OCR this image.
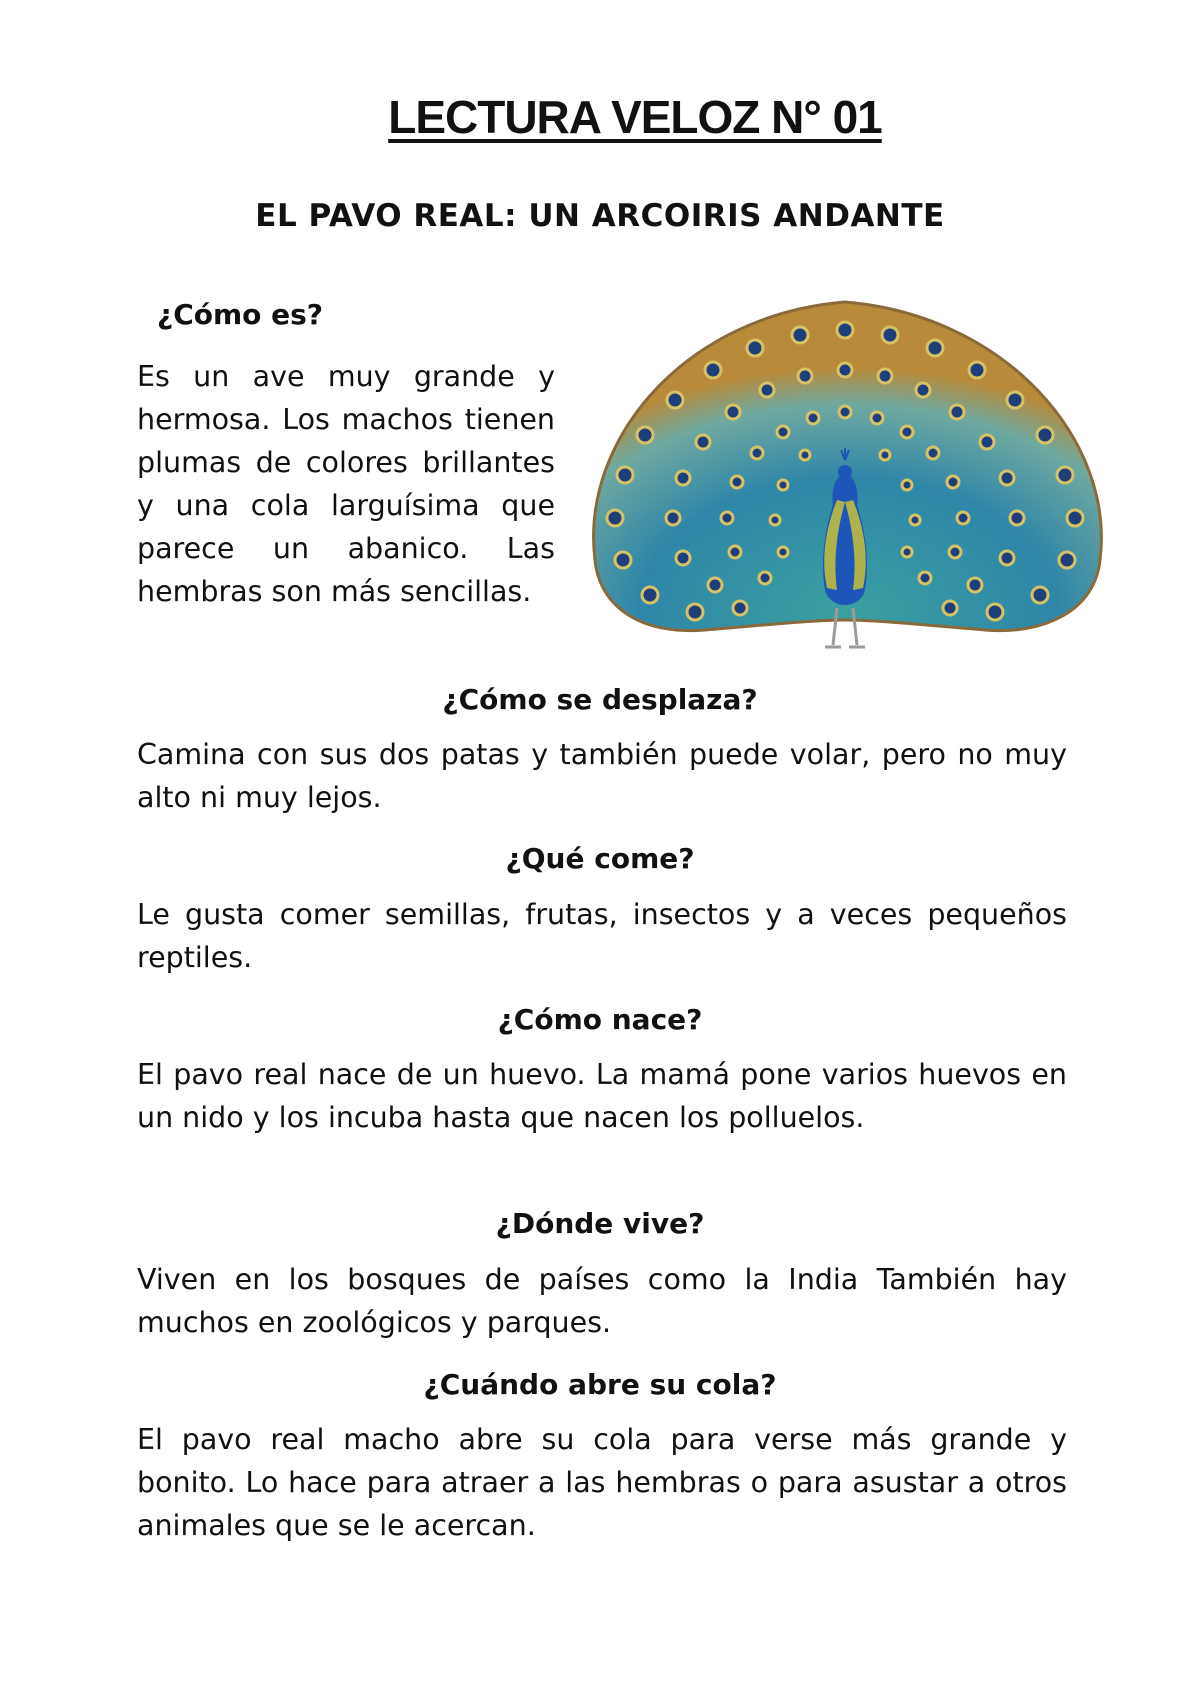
LECTURA VELOZ N° 01
EL PAVO REAL: UN ARCOIRIS ANDANTE
¿Cómo es?

Es un ave muy grande y hermosa. Los machos tienen plumas de colores brillantes y una cola larguísima que parece un abanico. Las hembras son más sencillas.

¿Cómo se desplaza?

Camina con sus dos patas y también puede volar, pero no muy alto ni muy lejos.

¿Qué come?

Le gusta comer semillas, frutas, insectos y a veces pequeños reptiles.

¿Cómo nace?

El pavo real nace de un huevo. La mamá pone varios huevos en un nido y los incuba hasta que nacen los polluelos.

¿Dónde vive?

Viven en los bosques de países como la India También hay muchos en zoológicos y parques.

¿Cuándo abre su cola?

El pavo real macho abre su cola para verse más grande y bonito. Lo hace para atraer a las hembras o para asustar a otros animales que se le acercan.
